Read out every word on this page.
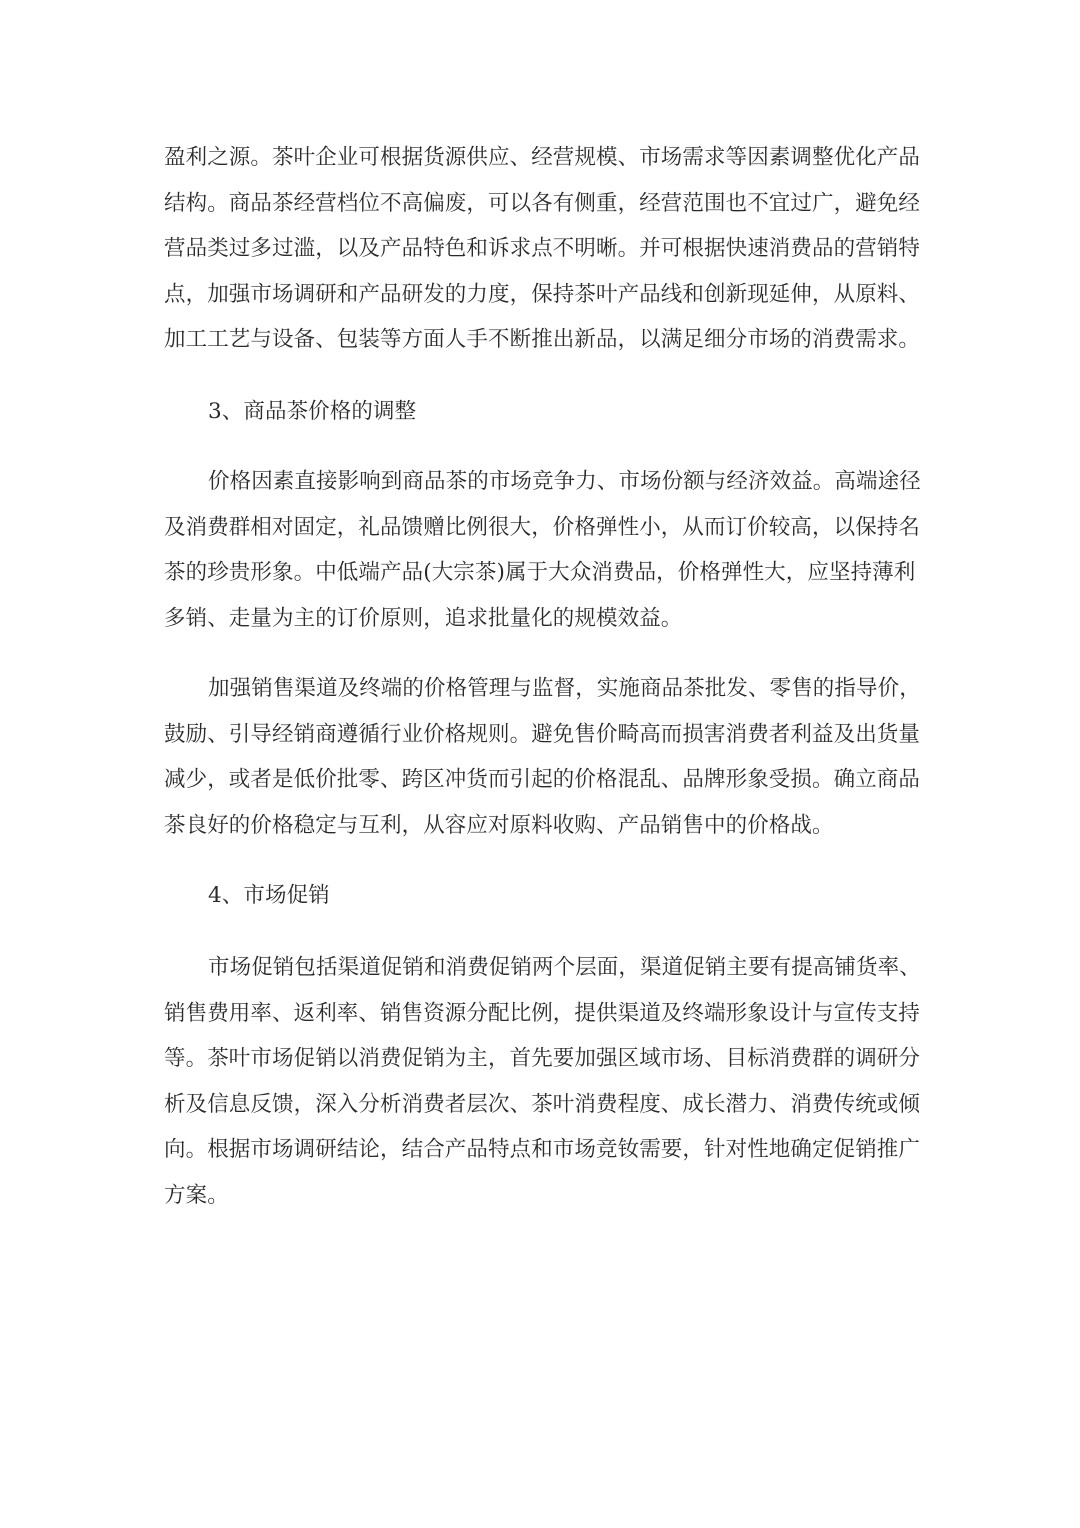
盈利之源。茶叶企业可根据货源供应、经营规模、市场需求等因素调整优化产品
结构。商品茶经营档位不高偏废，可以各有侧重，经营范围也不宜过广，避免经
营品类过多过滥，以及产品特色和诉求点不明晰。并可根据快速消费品的营销特
点，加强市场调研和产品研发的力度，保持茶叶产品线和创新现延伸，从原料、
加工工艺与设备、包装等方面人手不断推出新品，以满足细分市场的消费需求。
3、商品茶价格的调整
价格因素直接影响到商品茶的市场竞争力、市场份额与经济效益。高端途径
及消费群相对固定，礼品馈赠比例很大，价格弹性小，从而订价较高，以保持名
茶的珍贵形象。中低端产品(大宗茶)属于大众消费品，价格弹性大，应坚持薄利
多销、走量为主的订价原则，追求批量化的规模效益。
加强销售渠道及终端的价格管理与监督，实施商品茶批发、零售的指导价，
鼓励、引导经销商遵循行业价格规则。避免售价畸高而损害消费者利益及出货量
减少，或者是低价批零、跨区冲货而引起的价格混乱、品牌形象受损。确立商品
茶良好的价格稳定与互利，从容应对原料收购、产品销售中的价格战。
4、市场促销
市场促销包括渠道促销和消费促销两个层面，渠道促销主要有提高铺货率、
销售费用率、返利率、销售资源分配比例，提供渠道及终端形象设计与宣传支持
等。茶叶市场促销以消费促销为主，首先要加强区域市场、目标消费群的调研分
析及信息反馈，深入分析消费者层次、茶叶消费程度、成长潜力、消费传统或倾
向。根据市场调研结论，结合产品特点和市场竞钕需要，针对性地确定促销推广
方案。
